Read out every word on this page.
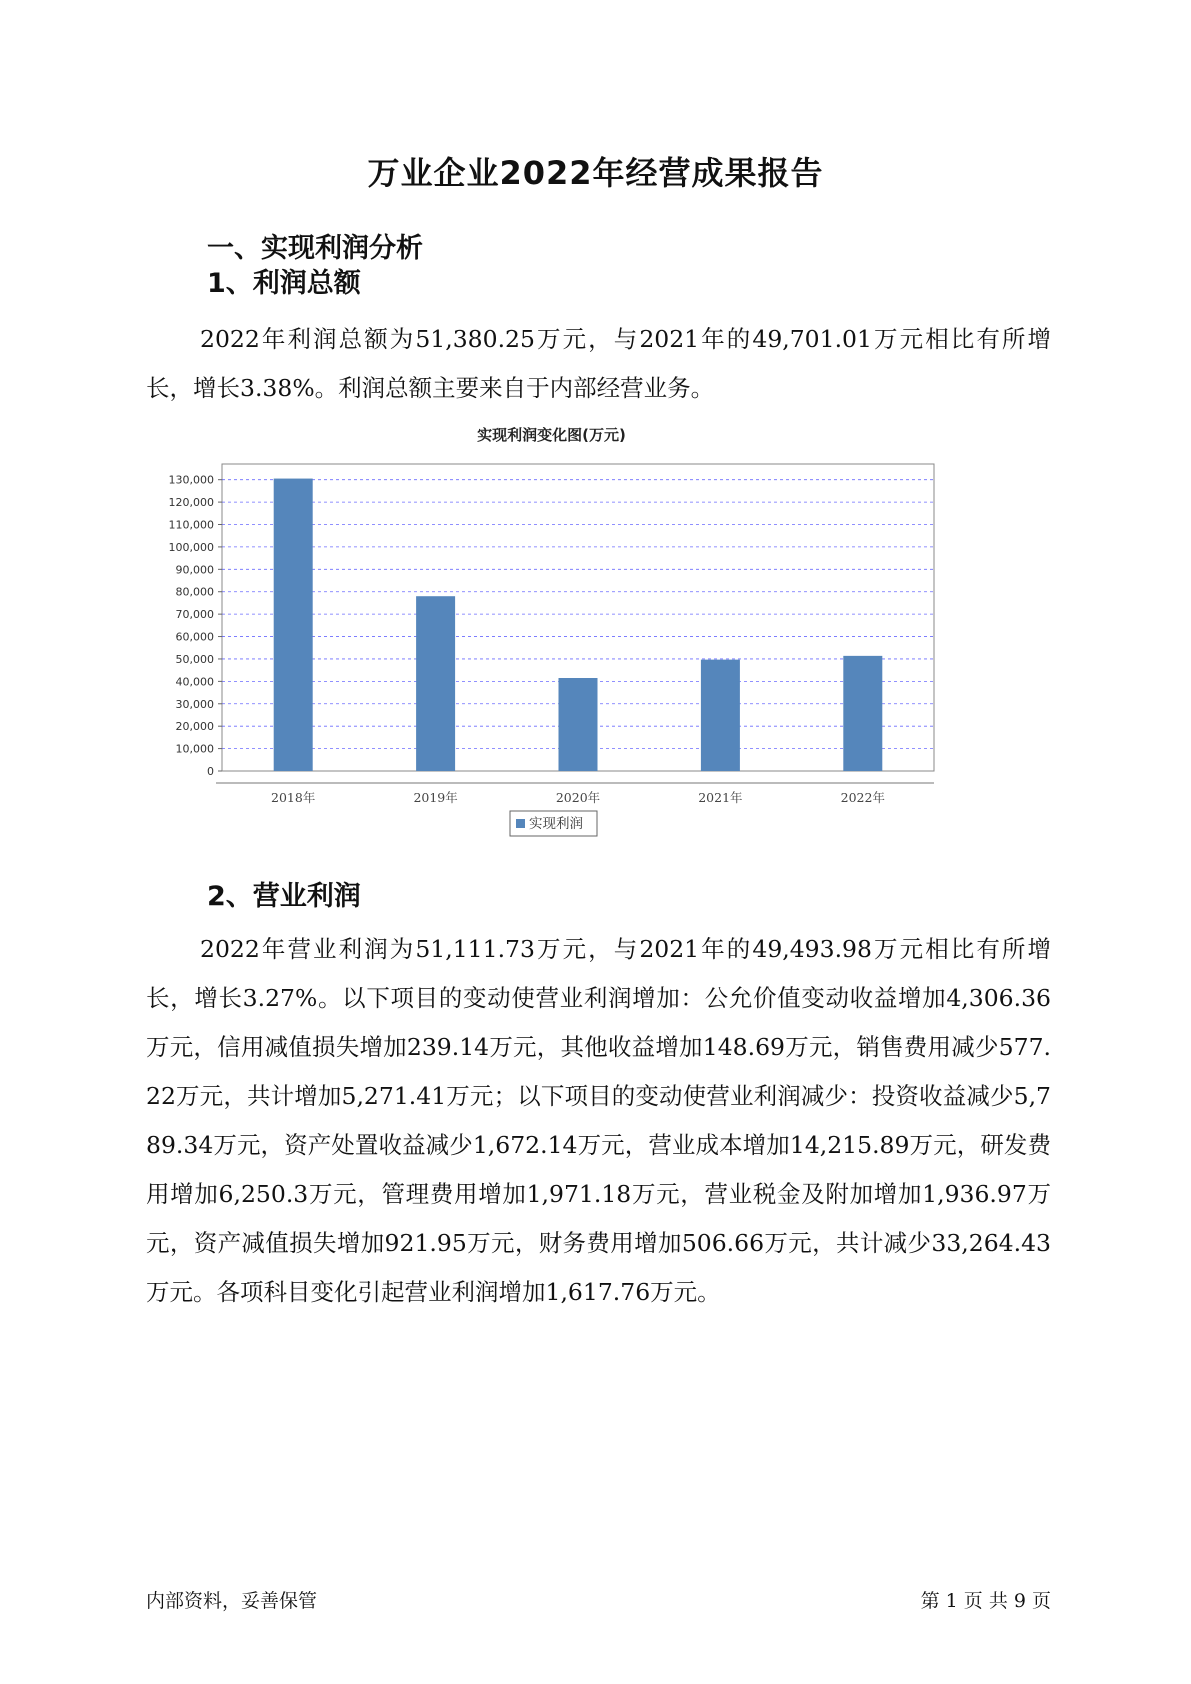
万业企业2022年经营成果报告
一、实现利润分析
1、利润总额

2022年利润总额为51,380.25万元，与2021年的49,701.01万元相比有所增长，增长3.38%。利润总额主要来自于内部经营业务。

0
10,000
20,000
30,000
40,000
50,000
60,000
70,000
80,000
90,000
100,000
110,000
120,000
130,000
2018年	2019年	2020年	2021年	2022年
实现利润
实现利润变化图(万元)
2、营业利润

2022年营业利润为51,111.73万元，与2021年的49,493.98万元相比有所增长，增长3.27%。以下项目的变动使营业利润增加：公允价值变动收益增加4,306.36万元，信用减值损失增加239.14万元，其他收益增加148.69万元，销售费用减少577.22万元，共计增加5,271.41万元；以下项目的变动使营业利润减少：投资收益减少5,789.34万元，资产处置收益减少1,672.14万元，营业成本增加14,215.89万元，研发费用增加6,250.3万元，管理费用增加1,971.18万元，营业税金及附加增加1,936.97万元，资产减值损失增加921.95万元，财务费用增加506.66万元，共计减少33,264.43万元。各项科目变化引起营业利润增加1,617.76万元。

内部资料，妥善保管	第 1 页 共 9 页
